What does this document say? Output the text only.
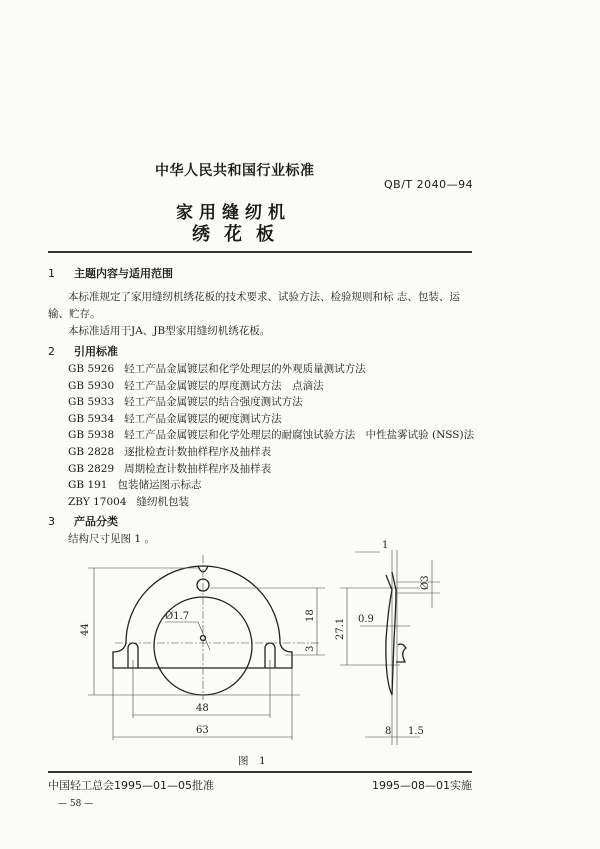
中华人民共和国行业标准
QB/T 2040—94
家用缝纫机
绣花板
1 主题内容与适用范围
本标准规定了家用缝纫机绣花板的技术要求、试验方法、检验规则和标 志、包装、运
输、贮存。
本标准适用于JA、JB型家用缝纫机绣花板。
2 引用标准
GB 5926 轻工产品金属镀层和化学处理层的外观质量测试方法
GB 5930 轻工产品金属镀层的厚度测试方法　点滴法
GB 5933 轻工产品金属镀层的结合强度测试方法
GB 5934 轻工产品金属镀层的硬度测试方法
GB 5938 轻工产品金属镀层和化学处理层的耐腐蚀试验方法　中性盐雾试验 (NSS)法
GB 2828 逐批检查计数抽样程序及抽样表
GB 2829 周期检查计数抽样程序及抽样表
GB 191 包装储运图示标志
ZBY 17004 缝纫机包装
3 产品分类
结构尺寸见图 1 。
44
48
63
18
3
Ø1.7
27.1 0.9
Ø3
8 1.5
1
图　1
中国轻工总会1995—01—05批准	1995—08—01实施
— 58 —
